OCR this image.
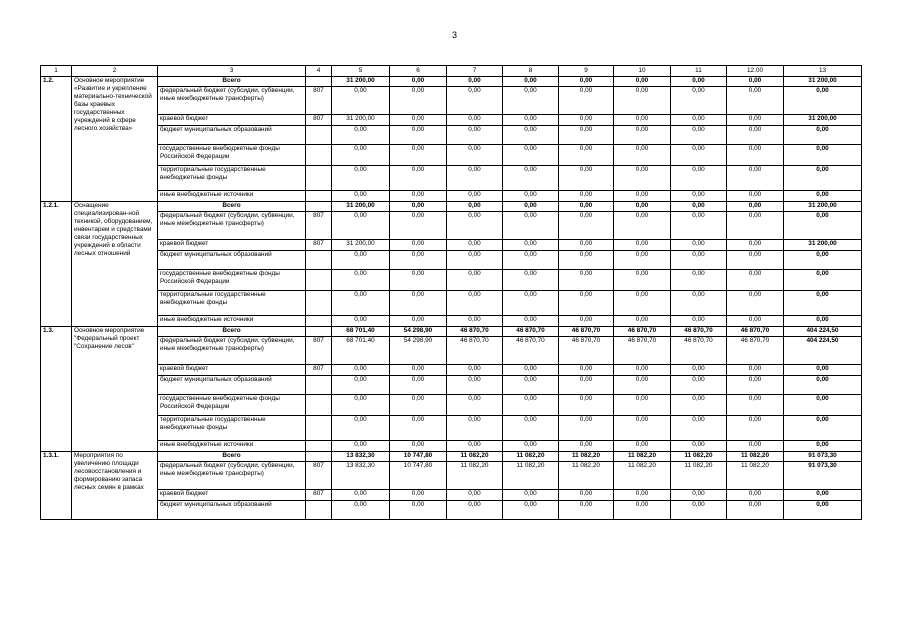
3
1	2	3	4	5	6	7	8	9	10	11	12.00	13
1.2.	Основное мероприятие «Развитие и укрепление материально-технической базы краевых государственных учреждений в сфере лесного хозяйства»	Всего		31 200,00	0,00	0,00	0,00	0,00	0,00	0,00	0,00	31 200,00
		федеральный бюджет (субсидии, субвенции, иные межбюджетные трансферты)	807	0,00	0,00	0,00	0,00	0,00	0,00	0,00	0,00	0,00
		краевой бюджет	807	31 200,00	0,00	0,00	0,00	0,00	0,00	0,00	0,00	31 200,00
		бюджет муниципальных образований		0,00	0,00	0,00	0,00	0,00	0,00	0,00	0,00	0,00
		государственные внебюджетные фонды Российской Федерации		0,00	0,00	0,00	0,00	0,00	0,00	0,00	0,00	0,00
		территориальные государственные внебюджетные фонды		0,00	0,00	0,00	0,00	0,00	0,00	0,00	0,00	0,00
		иные внебюджетные источники		0,00	0,00	0,00	0,00	0,00	0,00	0,00	0,00	0,00
1.2.1.	Оснащение специализирован-ной техникой, оборудованием, инвентарем и средствами связи государственных учреждений в области лесных отношений	Всего		31 200,00	0,00	0,00	0,00	0,00	0,00	0,00	0,00	31 200,00
		федеральный бюджет (субсидии, субвенции, иные межбюджетные трансферты)	807	0,00	0,00	0,00	0,00	0,00	0,00	0,00	0,00	0,00
		краевой бюджет	807	31 200,00	0,00	0,00	0,00	0,00	0,00	0,00	0,00	31 200,00
		бюджет муниципальных образований		0,00	0,00	0,00	0,00	0,00	0,00	0,00	0,00	0,00
		государственные внебюджетные фонды Российской Федерации		0,00	0,00	0,00	0,00	0,00	0,00	0,00	0,00	0,00
		территориальные государственные внебюджетные фонды		0,00	0,00	0,00	0,00	0,00	0,00	0,00	0,00	0,00
		иные внебюджетные источники		0,00	0,00	0,00	0,00	0,00	0,00	0,00	0,00	0,00
1.3.	Основное мероприятие "Федеральный проект "Сохранение лесов"	Всего		68 701,40	54 298,90	46 870,70	46 870,70	46 870,70	46 870,70	46 870,70	46 870,70	404 224,50
		федеральный бюджет (субсидии, субвенции, иные межбюджетные трансферты)	807	68 701,40	54 298,90	46 870,70	46 870,70	46 870,70	46 870,70	46 870,70	46 870,70	404 224,50
		краевой бюджет	807	0,00	0,00	0,00	0,00	0,00	0,00	0,00	0,00	0,00
		бюджет муниципальных образований		0,00	0,00	0,00	0,00	0,00	0,00	0,00	0,00	0,00
		государственные внебюджетные фонды Российской Федерации		0,00	0,00	0,00	0,00	0,00	0,00	0,00	0,00	0,00
		территориальные государственные внебюджетные фонды		0,00	0,00	0,00	0,00	0,00	0,00	0,00	0,00	0,00
		иные внебюджетные источники		0,00	0,00	0,00	0,00	0,00	0,00	0,00	0,00	0,00
1.3.1.	Мероприятия по увеличению площади лесовосстановления и формированию запаса лесных семян в рамках	Всего		13 832,30	10 747,80	11 082,20	11 082,20	11 082,20	11 082,20	11 082,20	11 082,20	91 073,30
		федеральный бюджет (субсидии, субвенции, иные межбюджетные трансферты)	807	13 832,30	10 747,80	11 082,20	11 082,20	11 082,20	11 082,20	11 082,20	11 082,20	91 073,30
		краевой бюджет	807	0,00	0,00	0,00	0,00	0,00	0,00	0,00	0,00	0,00
		бюджет муниципальных образований		0,00	0,00	0,00	0,00	0,00	0,00	0,00	0,00	0,00
